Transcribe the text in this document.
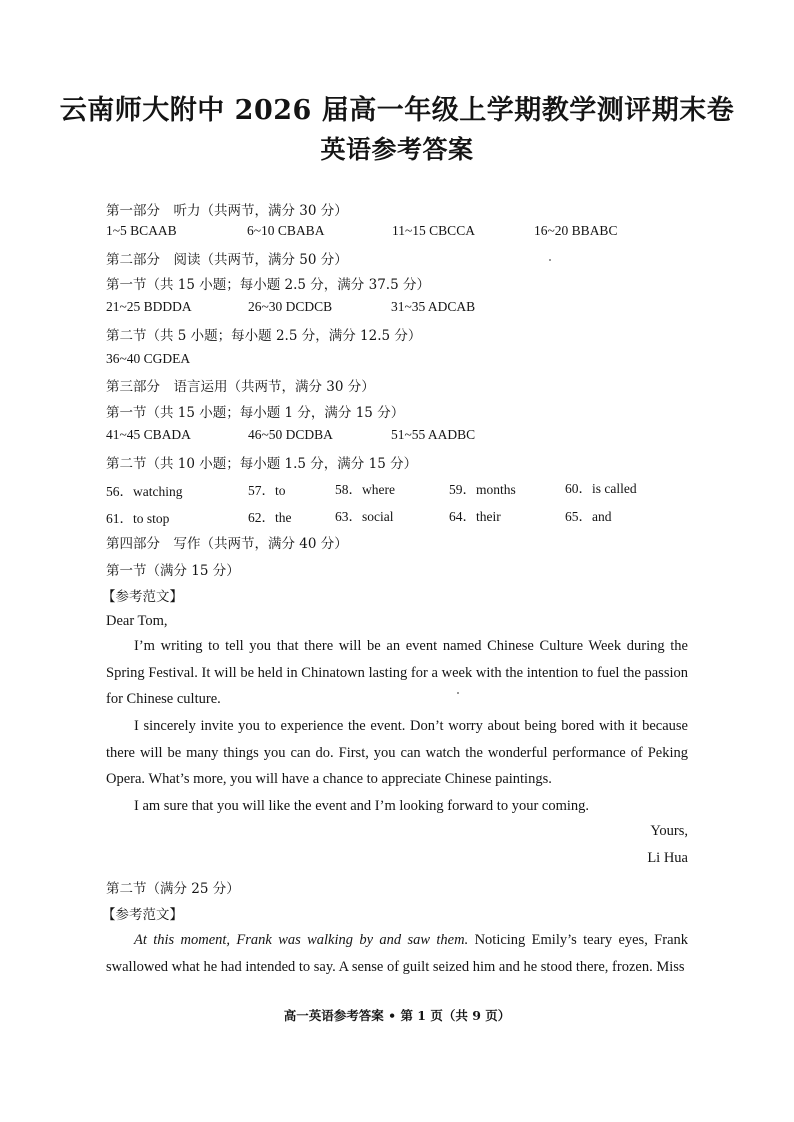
云南师大附中 2026 届高一年级上学期教学测评期末卷
英语参考答案
第一部分　听力（共两节，满分 30 分）
1~5 BCAAB	6~10 CBABA	11~15 CBCCA	16~20 BBABC
第二部分　阅读（共两节，满分 50 分）
第一节（共 15 小题；每小题 2.5 分，满分 37.5 分）
21~25 BDDDA	26~30 DCDCB	31~35 ADCAB
第二节（共 5 小题；每小题 2.5 分，满分 12.5 分）
36~40 CGDEA
第三部分　语言运用（共两节，满分 30 分）
第一节（共 15 小题；每小题 1 分，满分 15 分）
41~45 CBADA	46~50 DCDBA	51~55 AADBC
第二节（共 10 小题；每小题 1.5 分，满分 15 分）
56．watching	57．to	58．where	59．months	60．is called
61．to stop	62．the	63．social	64．their	65．and
第四部分　写作（共两节，满分 40 分）
第一节（满分 15 分）
【参考范文】
Dear Tom,
I’m writing to tell you that there will be an event named Chinese Culture Week during the Spring Festival. It will be held in Chinatown lasting for a week with the intention to fuel the passion for Chinese culture.
I sincerely invite you to experience the event. Don’t worry about being bored with it because there will be many things you can do. First, you can watch the wonderful performance of Peking Opera. What’s more, you will have a chance to appreciate Chinese paintings.
I am sure that you will like the event and I’m looking forward to your coming.
Yours,
Li Hua
第二节（满分 25 分）
【参考范文】
At this moment, Frank was walking by and saw them. Noticing Emily’s teary eyes, Frank swallowed what he had intended to say. A sense of guilt seized him and he stood there, frozen. Miss
高一英语参考答案 • 第 1 页（共 9 页）
